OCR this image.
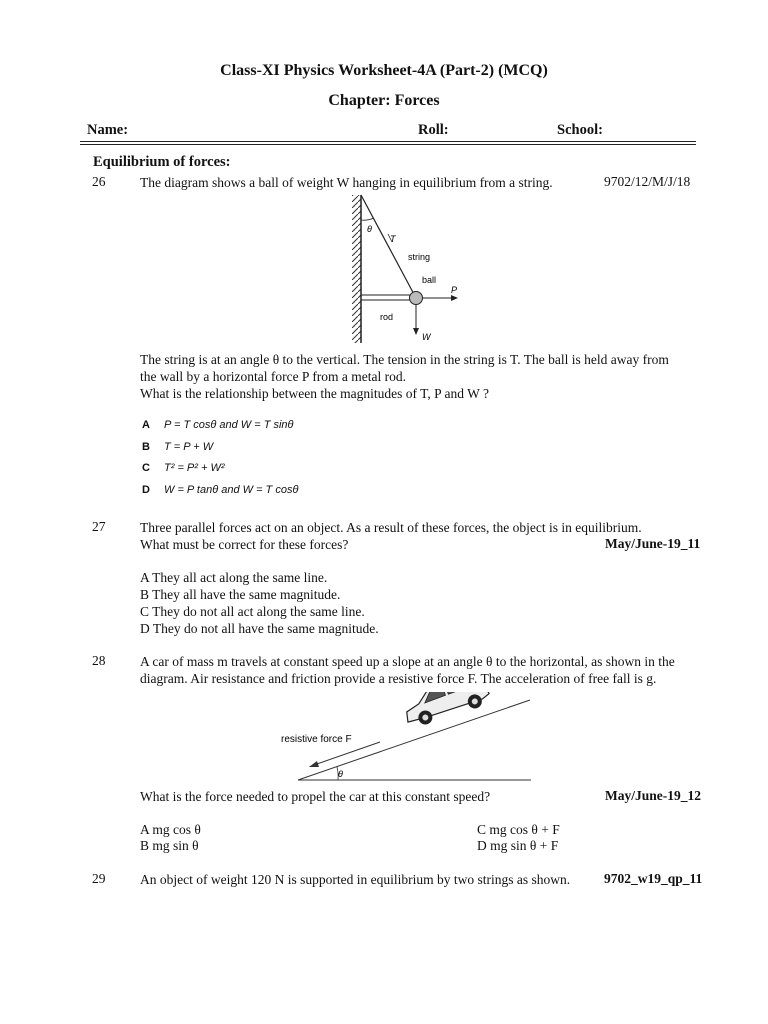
Class-XI Physics Worksheet-4A (Part-2) (MCQ)
Chapter: Forces
Name:	Roll:	School:
Equilibrium of forces:
26	The diagram shows a ball of weight W hanging in equilibrium from a string.	9702/12/M/J/18
θ
T
string
ball
P
rod
W
The string is at an angle θ to the vertical. The tension in the string is T. The ball is held away from
the wall by a horizontal force P from a metal rod.
What is the relationship between the magnitudes of T, P and W ?
A P = T cosθ and W = T sinθ
B T = P + W
C T² = P² + W²
D W = P tanθ and W = T cosθ
27	Three parallel forces act on an object. As a result of these forces, the object is in equilibrium.
What must be correct for these forces?	May/June-19_11
A They all act along the same line.
B They all have the same magnitude.
C They do not all act along the same line.
D They do not all have the same magnitude.
28	A car of mass m travels at constant speed up a slope at an angle θ to the horizontal, as shown in the
diagram. Air resistance and friction provide a resistive force F. The acceleration of free fall is g.
θ
resistive force F
What is the force needed to propel the car at this constant speed?	May/June-19_12
A mg cos θ
B mg sin θ
C mg cos θ + F
D mg sin θ + F
29	An object of weight 120 N is supported in equilibrium by two strings as shown.	9702_w19_qp_11
